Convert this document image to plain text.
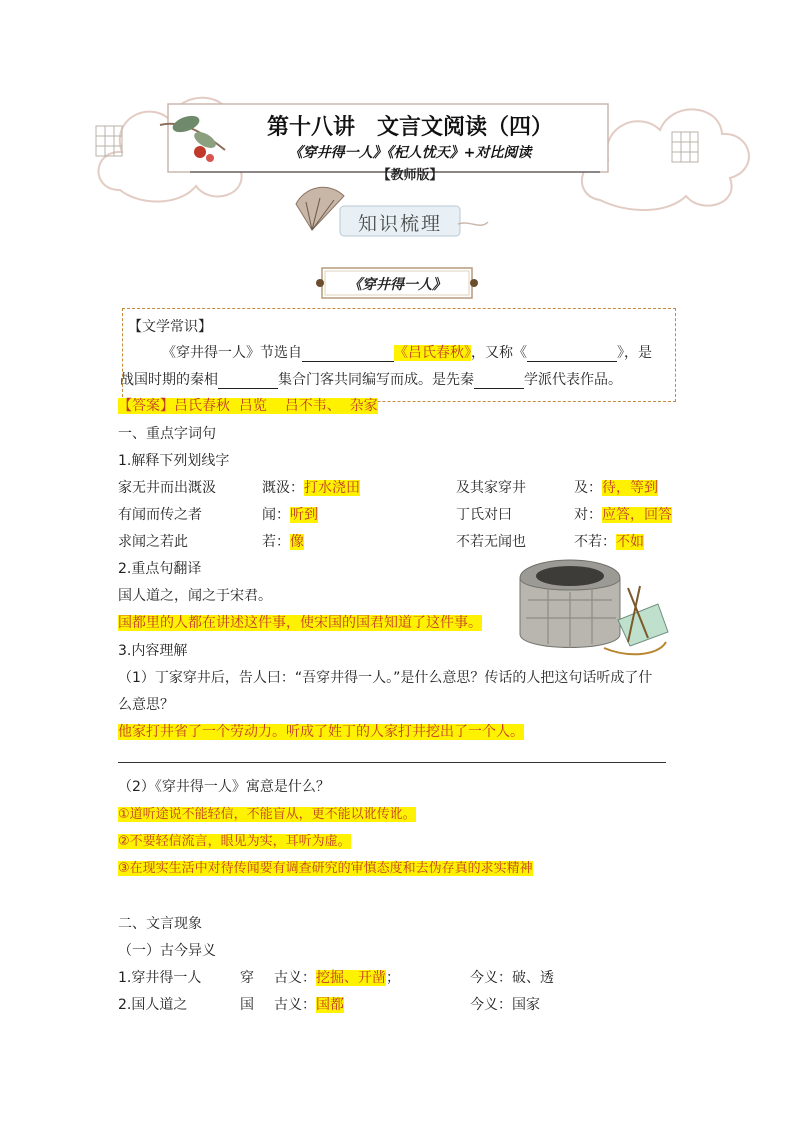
第十八讲　文言文阅读（四）
《穿井得一人》《杞人忧天》+对比阅读
【教师版】
知识梳理
《穿井得一人》
【文学常识】
《穿井得一人》节选自	《吕氏春秋》，又称《	》，是
战国时期的秦相	集合门客共同编写而成。是先秦	学派代表作品。
【答案】吕氏春秋  吕览    吕不韦、  杂家
一、重点字词句
1.解释下列划线字
家无井而出溉汲	溉汲：打水浇田	及其家穿井	及：待，等到
有闻而传之者	闻：听到	丁氏对曰	对：应答，回答
求闻之若此	若：像	不若无闻也	不若：不如
2.重点句翻译
国人道之，闻之于宋君。
国都里的人都在讲述这件事，使宋国的国君知道了这件事。
3.内容理解
（1）丁家穿井后，告人曰：“吾穿井得一人。”是什么意思？传话的人把这句话听成了什
么意思？
他家打井省了一个劳动力。听成了姓丁的人家打井挖出了一个人。
（2）《穿井得一人》寓意是什么？
①道听途说不能轻信，不能盲从，更不能以讹传讹。
②不要轻信流言，眼见为实，耳听为虚。
③在现实生活中对待传闻要有调查研究的审慎态度和去伪存真的求实精神
二、文言现象
（一）古今异义
1.穿井得一人	穿 古义：挖掘、开凿；	今义：破、透
2.国人道之	国 古义：国都	今义：国家
